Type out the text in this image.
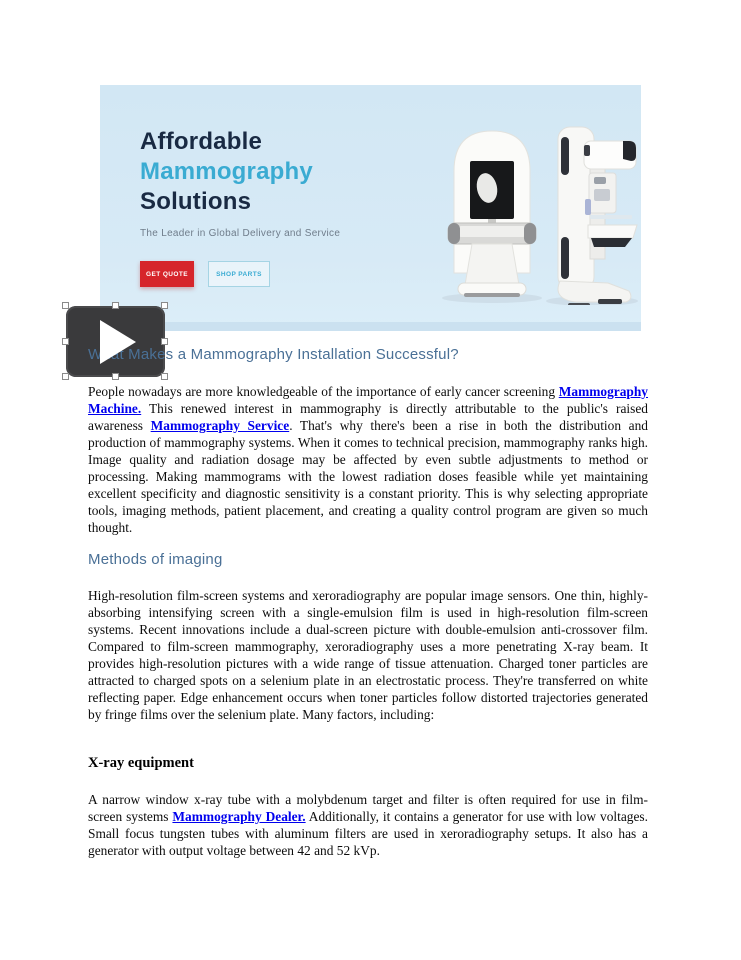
Affordable
Mammography
Solutions
The Leader in Global Delivery and Service
GET QUOTE	SHOP PARTS
What Makes a Mammography Installation Successful?

People nowadays are more knowledgeable of the importance of early cancer screening Mammography Machine. This renewed interest in mammography is directly attributable to the public's raised awareness Mammography Service. That's why there's been a rise in both the distribution and production of mammography systems. When it comes to technical precision, mammography ranks high. Image quality and radiation dosage may be affected by even subtle adjustments to method or processing. Making mammograms with the lowest radiation doses feasible while yet maintaining excellent specificity and diagnostic sensitivity is a constant priority. This is why selecting appropriate tools, imaging methods, patient placement, and creating a quality control program are given so much thought.

Methods of imaging

High-resolution film-screen systems and xeroradiography are popular image sensors. One thin, highly-absorbing intensifying screen with a single-emulsion film is used in high-resolution film-screen systems. Recent innovations include a dual-screen picture with double-emulsion anti-crossover film. Compared to film-screen mammography, xeroradiography uses a more penetrating X-ray beam. It provides high-resolution pictures with a wide range of tissue attenuation. Charged toner particles are attracted to charged spots on a selenium plate in an electrostatic process. They're transferred on white reflecting paper. Edge enhancement occurs when toner particles follow distorted trajectories generated by fringe films over the selenium plate. Many factors, including:

X-ray equipment

A narrow window x-ray tube with a molybdenum target and filter is often required for use in film-screen systems Mammography Dealer. Additionally, it contains a generator for use with low voltages. Small focus tungsten tubes with aluminum filters are used in xeroradiography setups. It also has a generator with output voltage between 42 and 52 kVp.
